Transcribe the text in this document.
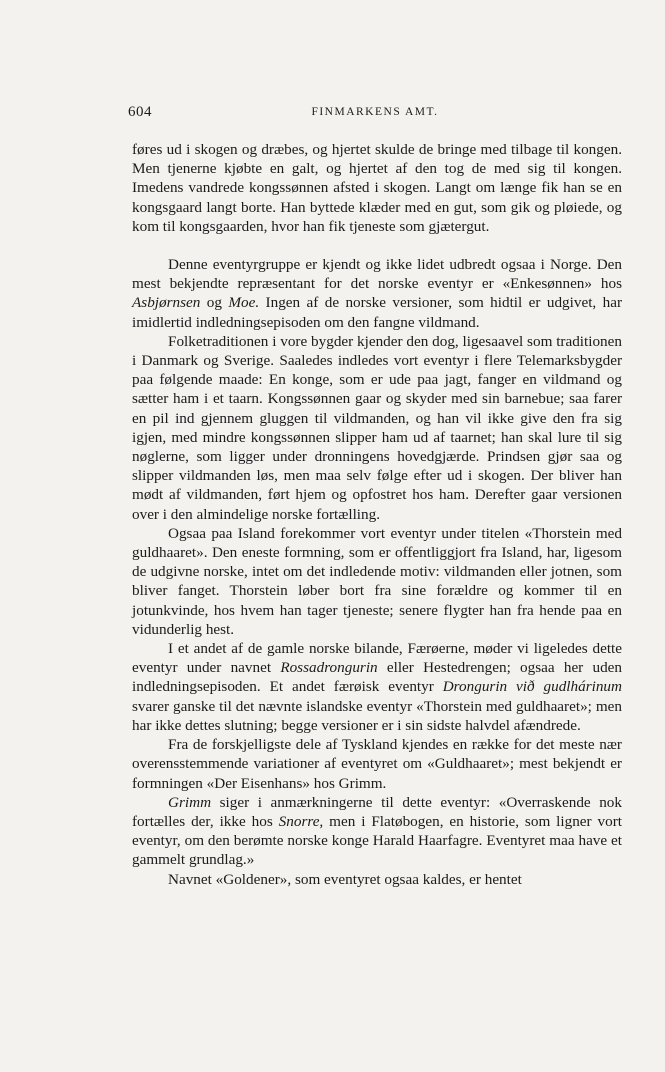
604	FINMARKENS AMT.

føres ud i skogen og dræbes, og hjertet skulde de bringe med tilbage til kongen. Men tjenerne kjøbte en galt, og hjertet af den tog de med sig til kongen. Imedens vandrede kongssønnen afsted i skogen. Langt om længe fik han se en kongsgaard langt borte. Han byttede klæder med en gut, som gik og pløiede, og kom til kongsgaarden, hvor han fik tjeneste som gjætergut.

Denne eventyrgruppe er kjendt og ikke lidet udbredt ogsaa i Norge. Den mest bekjendte repræsentant for det norske eventyr er «Enkesønnen» hos Asbjørnsen og Moe. Ingen af de norske versioner, som hidtil er udgivet, har imidlertid indledningsepisoden om den fangne vildmand.

Folketraditionen i vore bygder kjender den dog, ligesaavel som traditionen i Danmark og Sverige. Saaledes indledes vort eventyr i flere Telemarksbygder paa følgende maade: En konge, som er ude paa jagt, fanger en vildmand og sætter ham i et taarn. Kongssønnen gaar og skyder med sin barnebue; saa farer en pil ind gjennem gluggen til vildmanden, og han vil ikke give den fra sig igjen, med mindre kongssønnen slipper ham ud af taarnet; han skal lure til sig nøglerne, som ligger under dronningens hovedgjærde. Prindsen gjør saa og slipper vildmanden løs, men maa selv følge efter ud i skogen. Der bliver han mødt af vildmanden, ført hjem og opfostret hos ham. Derefter gaar versionen over i den almindelige norske fortælling.

Ogsaa paa Island forekommer vort eventyr under titelen «Thorstein med guldhaaret». Den eneste formning, som er offentliggjort fra Island, har, ligesom de udgivne norske, intet om det indledende motiv: vildmanden eller jotnen, som bliver fanget. Thorstein løber bort fra sine forældre og kommer til en jotunkvinde, hos hvem han tager tjeneste; senere flygter han fra hende paa en vidunderlig hest.

I et andet af de gamle norske bilande, Færøerne, møder vi ligeledes dette eventyr under navnet Rossadrongurin eller Hestedrengen; ogsaa her uden indledningsepisoden. Et andet færøisk eventyr Drongurin við gudlhárinum svarer ganske til det nævnte islandske eventyr «Thorstein med guldhaaret»; men har ikke dettes slutning; begge versioner er i sin sidste halvdel afændrede.

Fra de forskjelligste dele af Tyskland kjendes en række for det meste nær overensstemmende variationer af eventyret om «Guldhaaret»; mest bekjendt er formningen «Der Eisenhans» hos Grimm.

Grimm siger i anmærkningerne til dette eventyr: «Overraskende nok fortælles der, ikke hos Snorre, men i Flatøbogen, en historie, som ligner vort eventyr, om den berømte norske konge Harald Haarfagre. Eventyret maa have et gammelt grundlag.»

Navnet «Goldener», som eventyret ogsaa kaldes, er hentet
